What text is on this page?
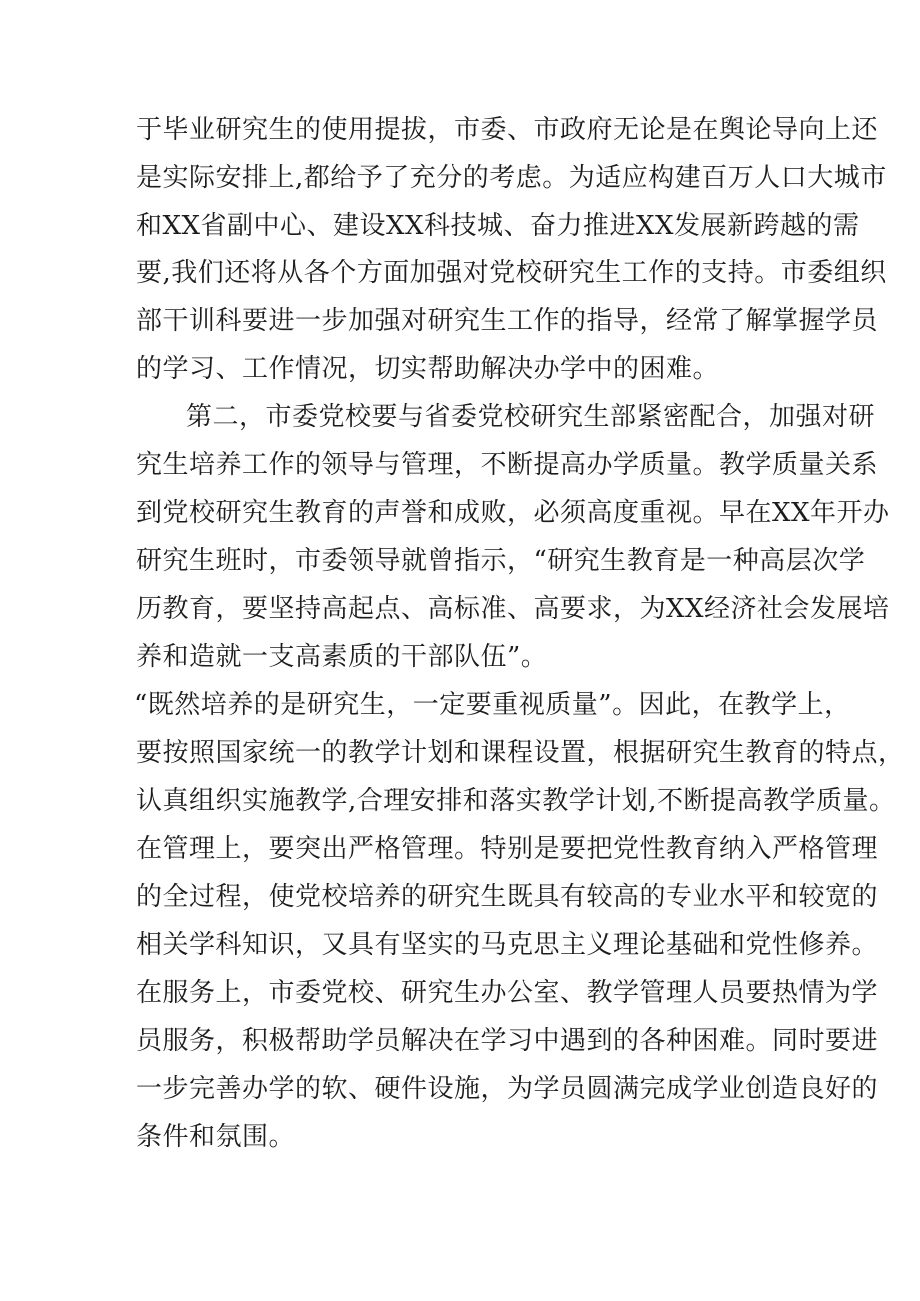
于毕业研究生的使用提拔，市委、市政府无论是在舆论导向上还
是实际安排上,都给予了充分的考虑。为适应构建百万人口大城市
和XX省副中心、建设XX科技城、奋力推进XX发展新跨越的需
要,我们还将从各个方面加强对党校研究生工作的支持。市委组织
部干训科要进一步加强对研究生工作的指导，经常了解掌握学员
的学习、工作情况，切实帮助解决办学中的困难。
第二，市委党校要与省委党校研究生部紧密配合，加强对研
究生培养工作的领导与管理，不断提高办学质量。教学质量关系
到党校研究生教育的声誉和成败，必须高度重视。早在XX年开办
研究生班时，市委领导就曾指示，“研究生教育是一种高层次学
历教育，要坚持高起点、高标准、高要求，为XX经济社会发展培
养和造就一支高素质的干部队伍”。
“既然培养的是研究生，一定要重视质量”。因此，在教学上，
要按照国家统一的教学计划和课程设置，根据研究生教育的特点，
认真组织实施教学,合理安排和落实教学计划,不断提高教学质量。
在管理上，要突出严格管理。特别是要把党性教育纳入严格管理
的全过程，使党校培养的研究生既具有较高的专业水平和较宽的
相关学科知识，又具有坚实的马克思主义理论基础和党性修养。
在服务上，市委党校、研究生办公室、教学管理人员要热情为学
员服务，积极帮助学员解决在学习中遇到的各种困难。同时要进
一步完善办学的软、硬件设施，为学员圆满完成学业创造良好的
条件和氛围。
